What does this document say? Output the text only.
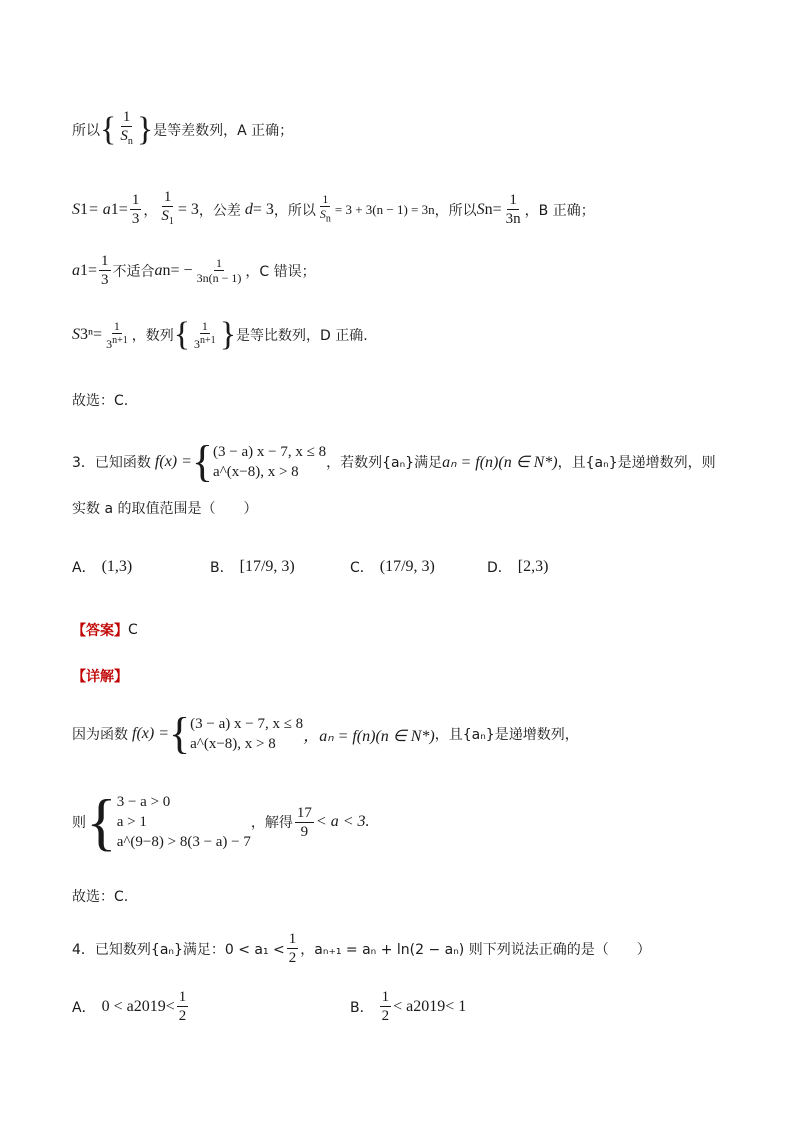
所以 { $\frac{1}{S_n}$ } 是等差数列，A 正确；
S 1 = a $1 = \frac{1}{3}$ ， $\frac{1}{S_1} = 3$ ，公差 d = 3 ，所以 $\frac{1}{S_n} = 3 + 3(n - 1) = 3n$ ，所以 S $n = \frac{1}{3n}$ ，B 正确；
a $1 = \frac{1}{3}$ 不适合 a n = − $\frac{1}{3n(n - 1)}$ ，C 错误；
S $3^n = \frac{1}{3^{n+1}}$ ，数列 { $\frac{1}{3^{n+1}}$ } 是等比数列，D 正确.
故选：C.
3．已知函数 f(x) = { (3 − a) x − 7, x ≤ 8
a^(x−8), x > 8
，若数列{aₙ}满足 aₙ = f(n)(n ∈ N*) ，且{aₙ}是递增数列，则
实数 a 的取值范围是（　　）
A． (1,3)	B． [17/9, 3)	C． (17/9, 3)	D． [2,3)
【答案】 C
【详解】
因为函数 f(x) = { (3 − a) x − 7, x ≤ 8
a^(x−8), x > 8	，aₙ = f(n)(n ∈ N*) ，且{aₙ}是递增数列，
则 { 3 − a > 0
a > 1
a^(9−8) > 8(3 − a) − 7
，解得 $\frac{17}{9} < a < 3$.
故选：C.
4．已知数列{aₙ}满足：$0 < a_1 < \frac{1}{2}$ ，aₙ₊₁ = aₙ + ln(2 − aₙ) 则下列说法正确的是（　　）
A． 0 < a $2019 < \frac{1}{2}$	B． $\frac{1}{2} < a$ 2019 < 1
